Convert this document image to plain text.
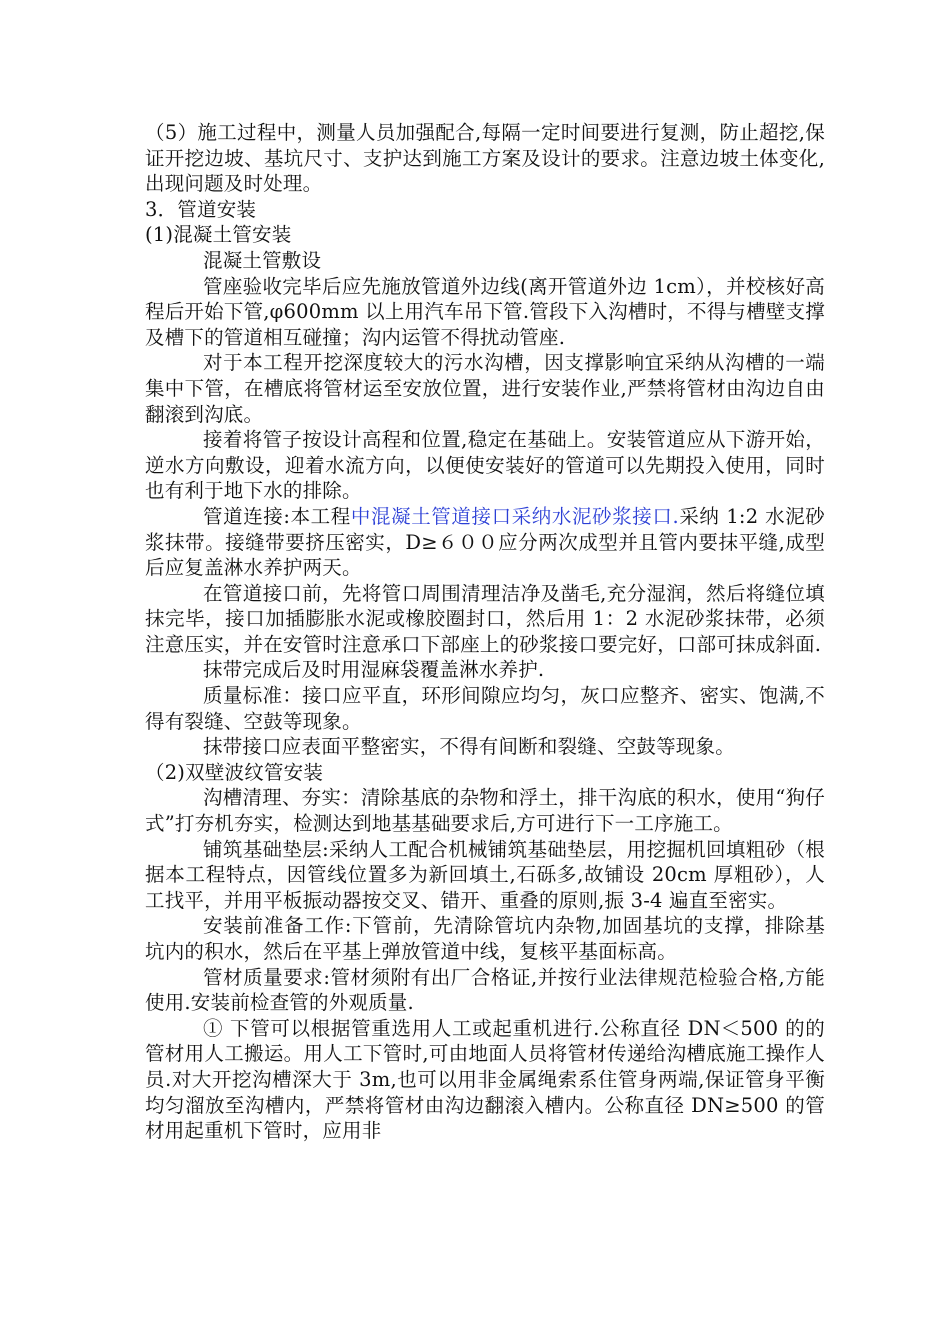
（5）施工过程中，测量人员加强配合,每隔一定时间要进行复测，防止超挖,保证开挖边坡、基坑尺寸、支护达到施工方案及设计的要求。注意边坡土体变化,出现问题及时处理。

3．管道安装

(1)混凝土管安装

混凝土管敷设

管座验收完毕后应先施放管道外边线(离开管道外边 1cm），并校核好高程后开始下管,φ600mm 以上用汽车吊下管.管段下入沟槽时，不得与槽壁支撑及槽下的管道相互碰撞；沟内运管不得扰动管座.

对于本工程开挖深度较大的污水沟槽，因支撑影响宜采纳从沟槽的一端集中下管，在槽底将管材运至安放位置，进行安装作业,严禁将管材由沟边自由翻滚到沟底。

接着将管子按设计高程和位置,稳定在基础上。安装管道应从下游开始，逆水方向敷设，迎着水流方向，以便使安装好的管道可以先期投入使用，同时也有利于地下水的排除。

管道连接:本工程中混凝土管道接口采纳水泥砂浆接口.采纳 1:2 水泥砂浆抹带。接缝带要挤压密实，D≥６００应分两次成型并且管内要抹平缝,成型后应复盖淋水养护两天。

在管道接口前，先将管口周围清理洁净及凿毛,充分湿润，然后将缝位填抹完毕，接口加插膨胀水泥或橡胶圈封口，然后用 1：2 水泥砂浆抹带，必须注意压实，并在安管时注意承口下部座上的砂浆接口要完好，口部可抹成斜面.

抹带完成后及时用湿麻袋覆盖淋水养护.

质量标准：接口应平直，环形间隙应均匀，灰口应整齐、密实、饱满,不得有裂缝、空鼓等现象。

抹带接口应表面平整密实，不得有间断和裂缝、空鼓等现象。

（2)双壁波纹管安装

沟槽清理、夯实：清除基底的杂物和浮土，排干沟底的积水，使用“狗仔式”打夯机夯实，检测达到地基基础要求后,方可进行下一工序施工。

铺筑基础垫层:采纳人工配合机械铺筑基础垫层，用挖掘机回填粗砂（根据本工程特点，因管线位置多为新回填土,石砾多,故铺设 20cm 厚粗砂），人工找平，并用平板振动器按交叉、错开、重叠的原则,振 3-4 遍直至密实。

安装前准备工作:下管前，先清除管坑内杂物,加固基坑的支撑，排除基坑内的积水，然后在平基上弹放管道中线，复核平基面标高。

管材质量要求:管材须附有出厂合格证,并按行业法律规范检验合格,方能使用.安装前检查管的外观质量.

① 下管可以根据管重选用人工或起重机进行.公称直径 DN＜500 的的管材用人工搬运。用人工下管时,可由地面人员将管材传递给沟槽底施工操作人员.对大开挖沟槽深大于 3m,也可以用非金属绳索系住管身两端,保证管身平衡均匀溜放至沟槽内，严禁将管材由沟边翻滚入槽内。公称直径 DN≥500 的管材用起重机下管时，应用非
